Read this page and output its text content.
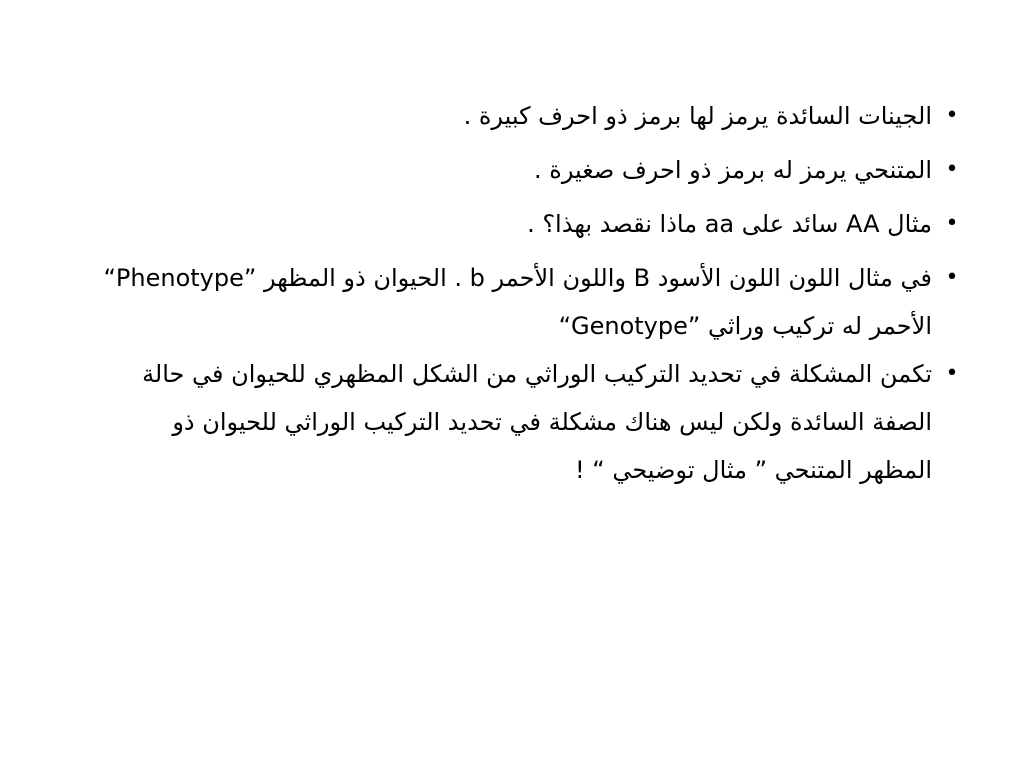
•
الجينات السائدة يرمز لها برمز ذو احرف كبيرة .
•
المتنحي يرمز له برمز ذو احرف صغيرة .
•
مثال AA سائد على aa ماذا نقصد بهذا؟ .
•
في مثال اللون اللون الأسود B واللون الأحمر b . الحيوان ذو المظهر ”Phenotype“ الأحمر له تركيب وراثي ”Genotype“
•
تكمن المشكلة في تحديد التركيب الوراثي من الشكل المظهري للحيوان في حالة الصفة السائدة ولكن ليس هناك مشكلة في تحديد التركيب الوراثي للحيوان ذو المظهر المتنحي ” مثال توضيحي “ !
